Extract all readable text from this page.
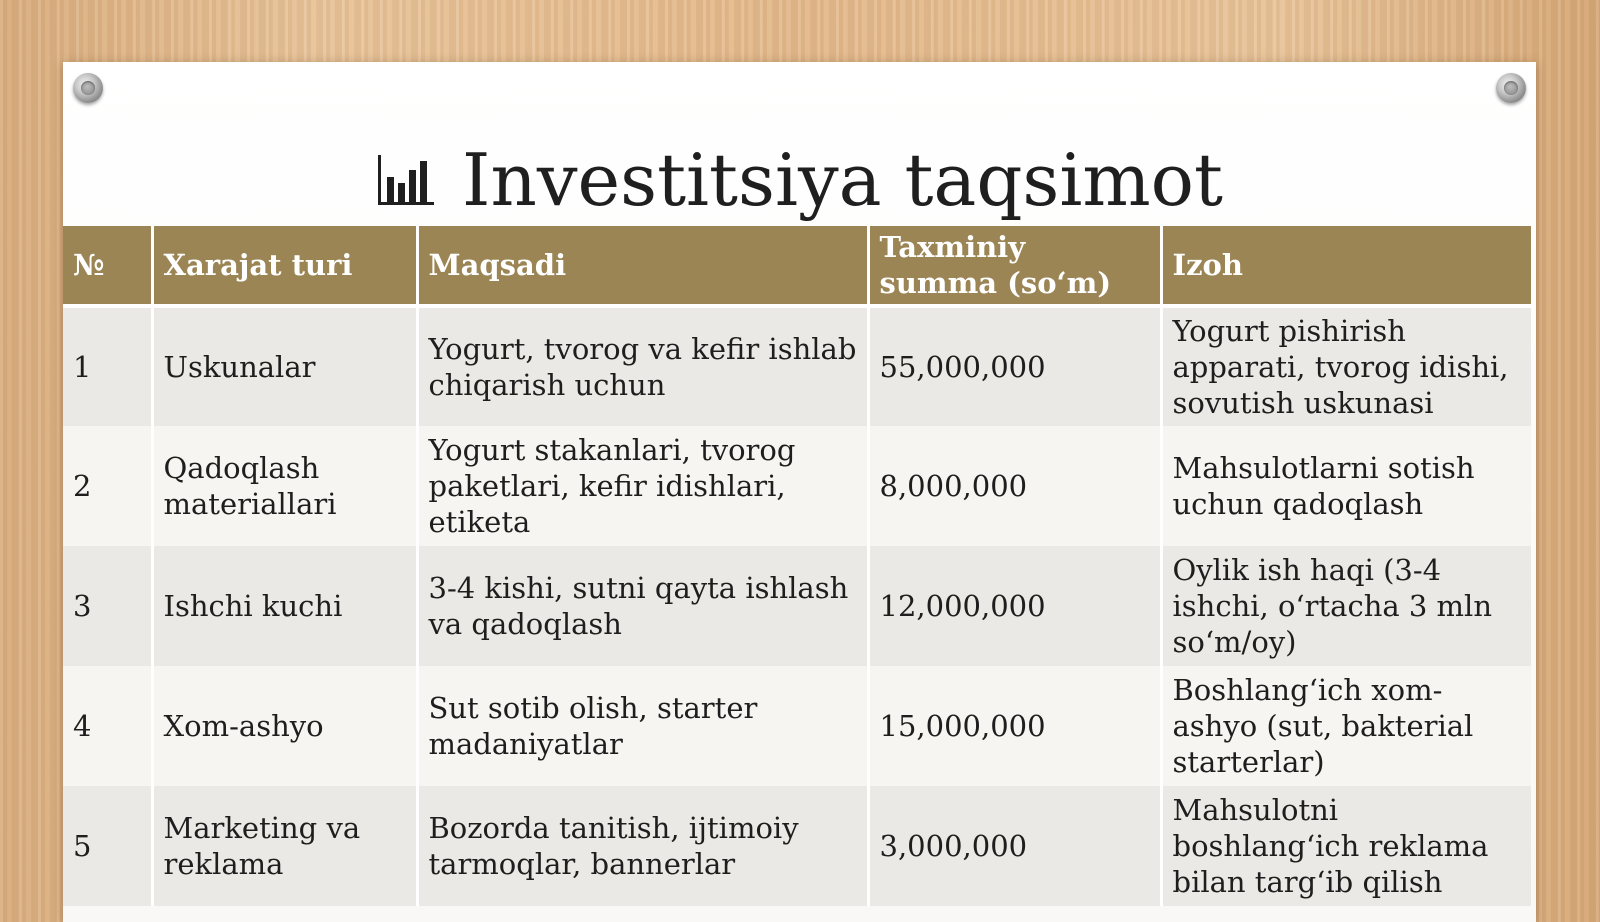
Investitsiya taqsimot
№	Xarajat turi	Maqsadi	Taxminiy summa (so‘m)	Izoh
1	Uskunalar	Yogurt, tvorog va kefir ishlab chiqarish uchun	55,000,000	Yogurt pishirish apparati, tvorog idishi, sovutish uskunasi
2	Qadoqlash materiallari	Yogurt stakanlari, tvorog paketlari, kefir idishlari, etiketa	8,000,000	Mahsulotlarni sotish uchun qadoqlash
3	Ishchi kuchi	3-4 kishi, sutni qayta ishlash va qadoqlash	12,000,000	Oylik ish haqi (3-4 ishchi, o‘rtacha 3 mln so‘m/oy)
4	Xom-ashyo	Sut sotib olish, starter madaniyatlar	15,000,000	Boshlang‘ich xom-ashyo (sut, bakterial starterlar)
5	Marketing va reklama	Bozorda tanitish, ijtimoiy tarmoqlar, bannerlar	3,000,000	Mahsulotni boshlang‘ich reklama bilan targ‘ib qilish
